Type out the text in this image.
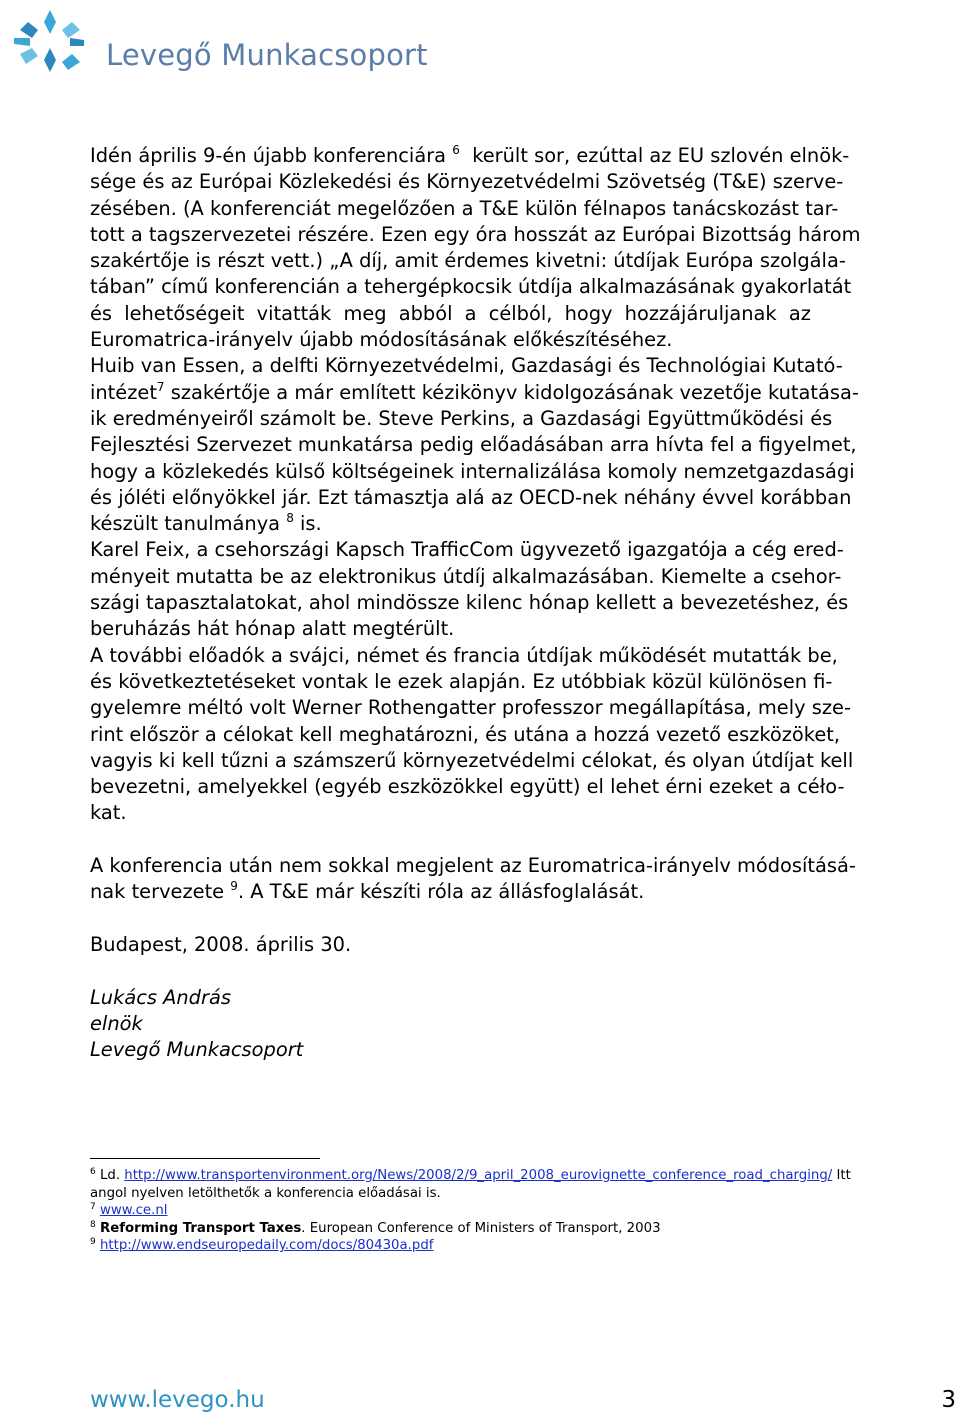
Levegő Munkacsoport
Idén április 9-én újabb konferenciára $^6$ került sor, ezúttal az EU szlovén elnök-
sége és az Európai Közlekedési és Környezetvédelmi Szövetség (T&E) szerve-
zésében. (A konferenciát megelőzően a T&E külön félnapos tanácskozást tar-
tott a tagszervezetei részére. Ezen egy óra hosszát az Európai Bizottság három
szakértője is részt vett.) „A díj, amit érdemes kivetni: útdíjak Európa szolgála-
tában” című konferencián a tehergépkocsik útdíja alkalmazásának gyakorlatát
és lehetőségeit vitatták meg abból a célból, hogy hozzájáruljanak az
Euromatrica-irányelv újabb módosításának előkészítéséhez.
Huib van Essen, a delfti Környezetvédelmi, Gazdasági és Technológiai Kutató-
intézet$^7$ szakértője a már említett kézikönyv kidolgozásának vezetője kutatása-
ik eredményeiről számolt be. Steve Perkins, a Gazdasági Együttműködési és
Fejlesztési Szervezet munkatársa pedig előadásában arra hívta fel a figyelmet,
hogy a közlekedés külső költségeinek internalizálása komoly nemzetgazdasági
és jóléti előnyökkel jár. Ezt támasztja alá az OECD-nek néhány évvel korábban
készült tanulmánya $^8$ is.
Karel Feix, a csehországi Kapsch TrafficCom ügyvezető igazgatója a cég ered-
ményeit mutatta be az elektronikus útdíj alkalmazásában. Kiemelte a csehor-
szági tapasztalatokat, ahol mindössze kilenc hónap kellett a bevezetéshez, és
beruházás hát hónap alatt megtérült.
A további előadók a svájci, német és francia útdíjak működését mutatták be,
és következtetéseket vontak le ezek alapján. Ez utóbbiak közül különösen fi-
gyelemre méltó volt Werner Rothengatter professzor megállapítása, mely sze-
rint először a célokat kell meghatározni, és utána a hozzá vezető eszközöket,
vagyis ki kell tűzni a számszerű környezetvédelmi célokat, és olyan útdíjat kell
bevezetni, amelyekkel (egyéb eszközökkel együtt) el lehet érni ezeket a céło-
kat.
A konferencia után nem sokkal megjelent az Euromatrica-irányelv módosításá-
nak tervezete $^9$. A T&E már készíti róla az állásfoglalását.
Budapest, 2008. április 30.
Lukács András
elnök
Levegő Munkacsoport
$^6$ Ld. http://www.transportenvironment.org/News/2008/2/9_april_2008_eurovignette_conference_road_charging/ Itt
angol nyelven letölthetők a konferencia előadásai is.
$^7$ www.ce.nl
$^8$ Reforming Transport Taxes. European Conference of Ministers of Transport, 2003
$^9$ http://www.endseuropedaily.com/docs/80430a.pdf
www.levego.hu	3
